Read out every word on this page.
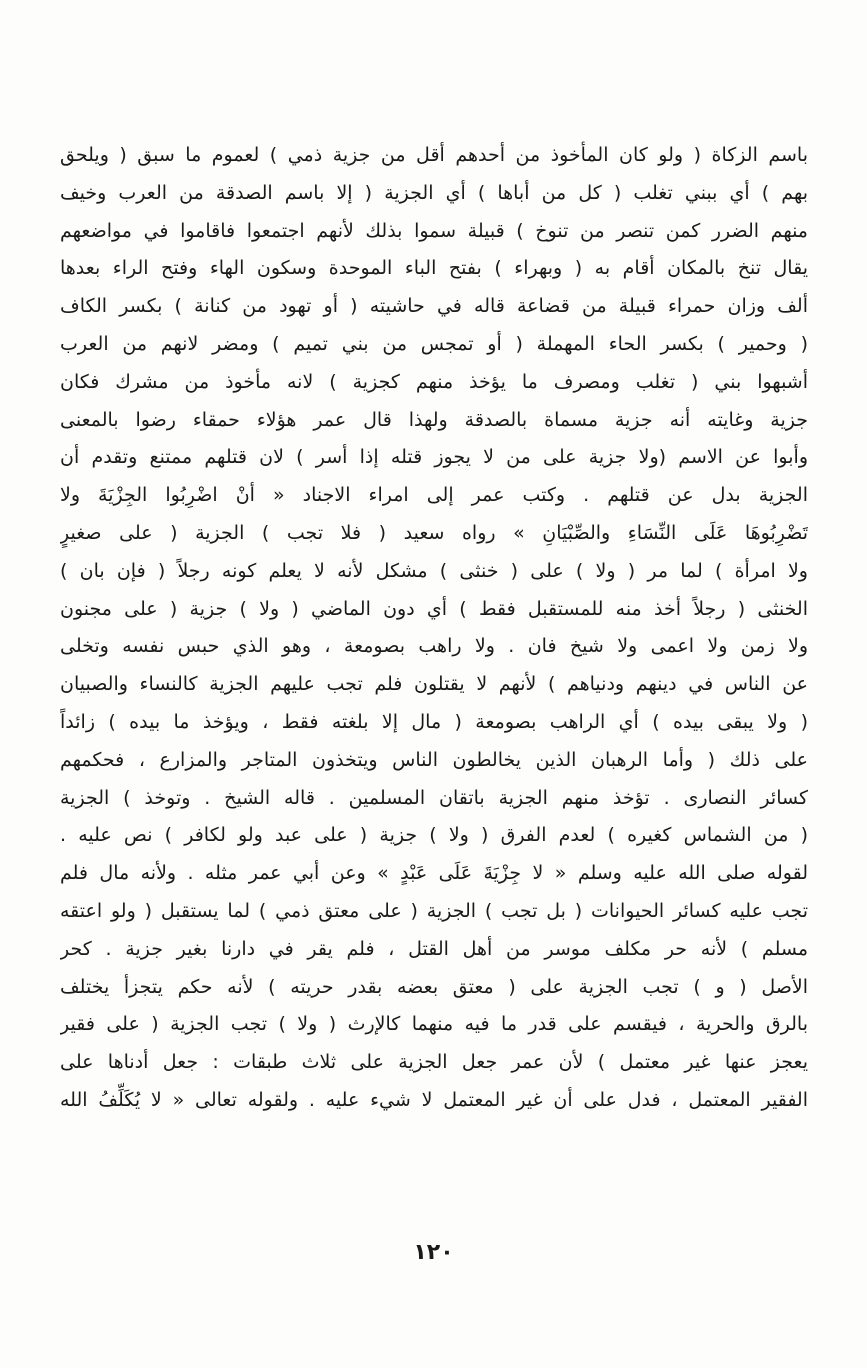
باسم الزكاة ( ولو كان المأخوذ من أحدهم أقل من جزية ذمي ) لعموم ما سبق ( ويلحق
بهم ) أي ببني تغلب ( كل من أباها ) أي الجزية ( إلا باسم الصدقة من العرب وخيف
منهم الضرر كمن تنصر من تنوخ ) قبيلة سموا بذلك لأنهم اجتمعوا فاقاموا في مواضعهم
يقال تنخ بالمكان أقام به ( وبهراء ) بفتح الباء الموحدة وسكون الهاء وفتح الراء بعدها
ألف وزان حمراء قبيلة من قضاعة قاله في حاشيته ( أو تهود من كنانة ) بكسر الكاف
( وحمير ) بكسر الحاء المهملة ( أو تمجس من بني تميم ) ومضر لانهم من العرب
أشبهوا بني ( تغلب ومصرف ما يؤخذ منهم كجزية ) لانه مأخوذ من مشرك فكان
جزية وغايته أنه جزية مسماة بالصدقة ولهذا قال عمر هؤلاء حمقاء رضوا بالمعنى
وأبوا عن الاسم (ولا جزية على من لا يجوز قتله إذا أسر ) لان قتلهم ممتنع وتقدم أن
الجزية بدل عن قتلهم . وكتب عمر إلى امراء الاجناد « أنْ اضْرِبُوا الجِزْيَةَ ولا
تَضْرِبُوهَا عَلَى النِّسَاءِ والصِّبْيَانِ » رواه سعيد ( فلا تجب ) الجزية ( على صغيرٍ
ولا امرأة ) لما مر ( ولا ) على ( خنثى ) مشكل لأنه لا يعلم كونه رجلاً ( فإن بان )
الخنثى ( رجلاً أخذ منه للمستقبل فقط ) أي دون الماضي ( ولا ) جزية ( على مجنون
ولا زمن ولا اعمى ولا شيخ فان . ولا راهب بصومعة ، وهو الذي حبس نفسه وتخلى
عن الناس في دينهم ودنياهم ) لأنهم لا يقتلون فلم تجب عليهم الجزية كالنساء والصبيان
( ولا يبقى بيده ) أي الراهب بصومعة ( مال إلا بلغته فقط ، ويؤخذ ما بيده ) زائداً
على ذلك ( وأما الرهبان الذين يخالطون الناس ويتخذون المتاجر والمزارع ، فحكمهم
كسائر النصارى . تؤخذ منهم الجزية باتقان المسلمين . قاله الشيخ . وتوخذ ) الجزية
( من الشماس كغيره ) لعدم الفرق ( ولا ) جزية ( على عبد ولو لكافر ) نص عليه .
لقوله صلى الله عليه وسلم « لا جِزْيَةَ عَلَى عَبْدٍ » وعن أبي عمر مثله . ولأنه مال فلم
تجب عليه كسائر الحيوانات ( بل تجب ) الجزية ( على معتق ذمي ) لما يستقبل ( ولو اعتقه
مسلم ) لأنه حر مكلف موسر من أهل القتل ، فلم يقر في دارنا بغير جزية . كحر
الأصل ( و ) تجب الجزية على ( معتق بعضه بقدر حريته ) لأنه حكم يتجزأ يختلف
بالرق والحرية ، فيقسم على قدر ما فيه منهما كالإرث ( ولا ) تجب الجزية ( على فقير
يعجز عنها غير معتمل ) لأن عمر جعل الجزية على ثلاث طبقات : جعل أدناها على
الفقير المعتمل ، فدل على أن غير المعتمل لا شيء عليه . ولقوله تعالى « لا يُكَلِّفُ الله
١٢٠
